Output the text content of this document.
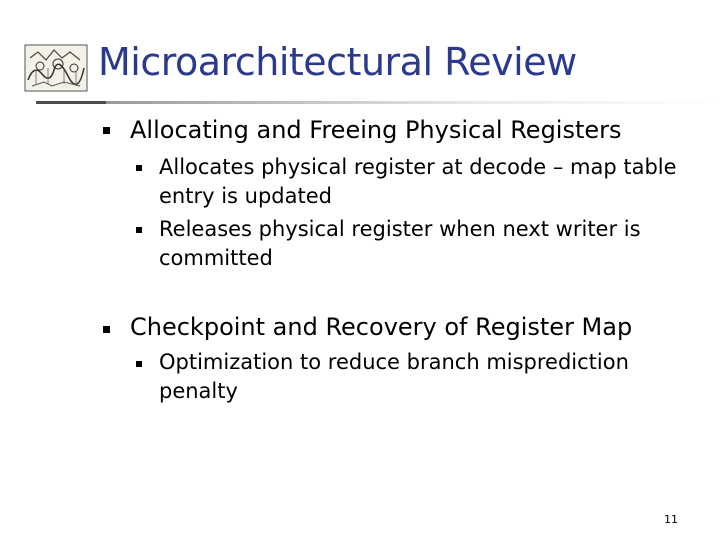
Microarchitectural Review
Allocating and Freeing Physical Registers
Allocates physical register at decode – map table
entry is updated
Releases physical register when next writer is
committed
Checkpoint and Recovery of Register Map
Optimization to reduce branch misprediction
penalty
11
